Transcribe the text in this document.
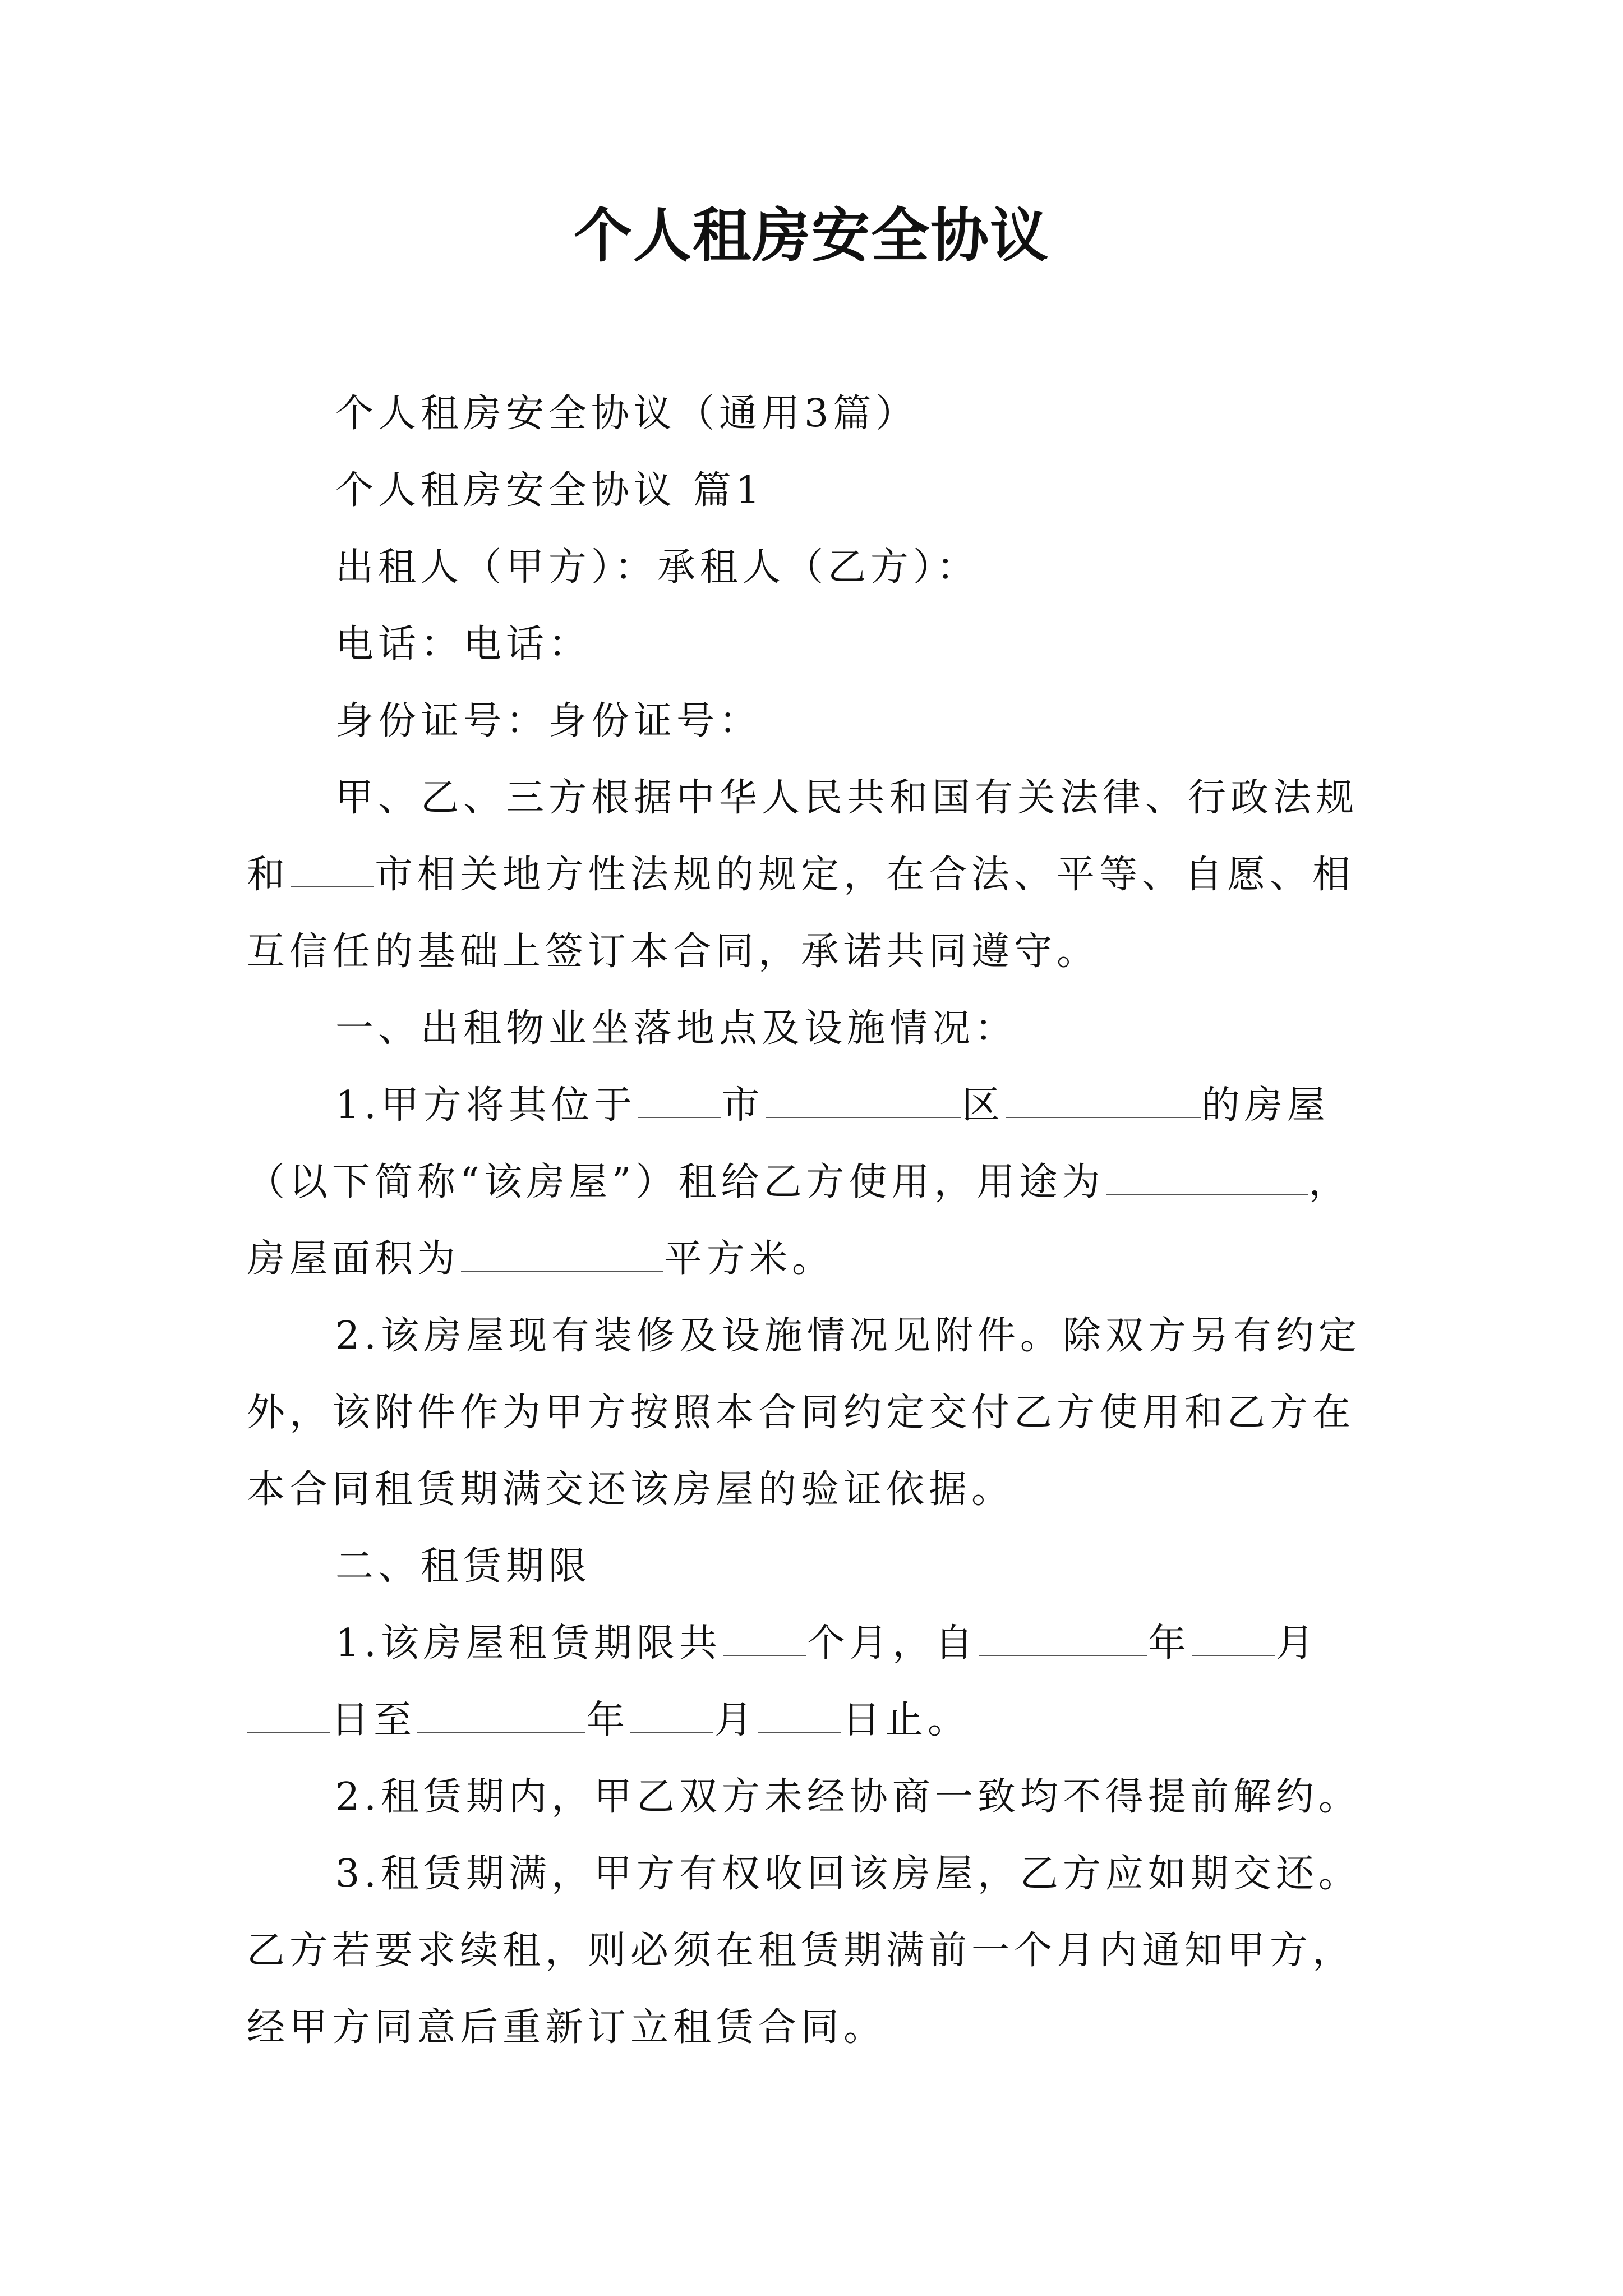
个人租房安全协议
个人租房安全协议（通用3篇）
个人租房安全协议 篇1
出租人（甲方）：承租人（乙方）：
电话：电话：
身份证号：身份证号：
甲、乙、三方根据中华人民共和国有关法律、行政法规
和 市相关地方性法规的规定，在合法、平等、自愿、相
互信任的基础上签订本合同，承诺共同遵守。
一、出租物业坐落地点及设施情况：
1.甲方将其位于 市	区	的房屋
（以下简称“该房屋”）租给乙方使用，用途为	，
房屋面积为	平方米。
2.该房屋现有装修及设施情况见附件。除双方另有约定
外，该附件作为甲方按照本合同约定交付乙方使用和乙方在
本合同租赁期满交还该房屋的验证依据。
二、租赁期限
1.该房屋租赁期限共 个月，自	年 月
日至	年 月 日止。
2.租赁期内，甲乙双方未经协商一致均不得提前解约。
3.租赁期满，甲方有权收回该房屋，乙方应如期交还。
乙方若要求续租，则必须在租赁期满前一个月内通知甲方，
经甲方同意后重新订立租赁合同。
